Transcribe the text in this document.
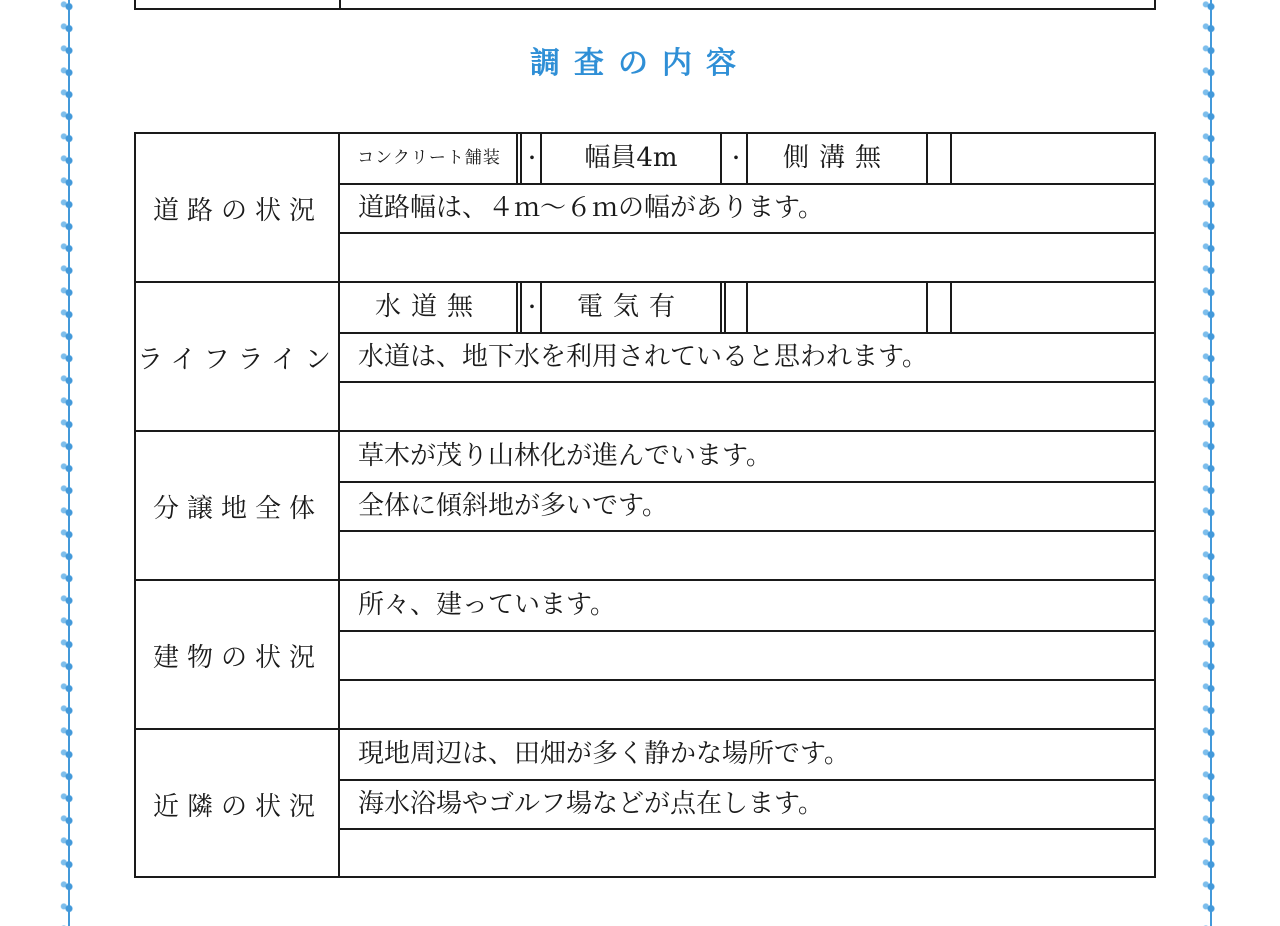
調査の内容
道路の状況
コンクリート舗装	・	幅員4m	・	側溝無
道路幅は、４ｍ〜６ｍの幅があります。
ライフライン
水道無	・	電気有
水道は、地下水を利用されていると思われます。
分譲地全体
草木が茂り山林化が進んでいます。
全体に傾斜地が多いです。
建物の状況
所々、建っています。
近隣の状況
現地周辺は、田畑が多く静かな場所です。
海水浴場やゴルフ場などが点在します。
